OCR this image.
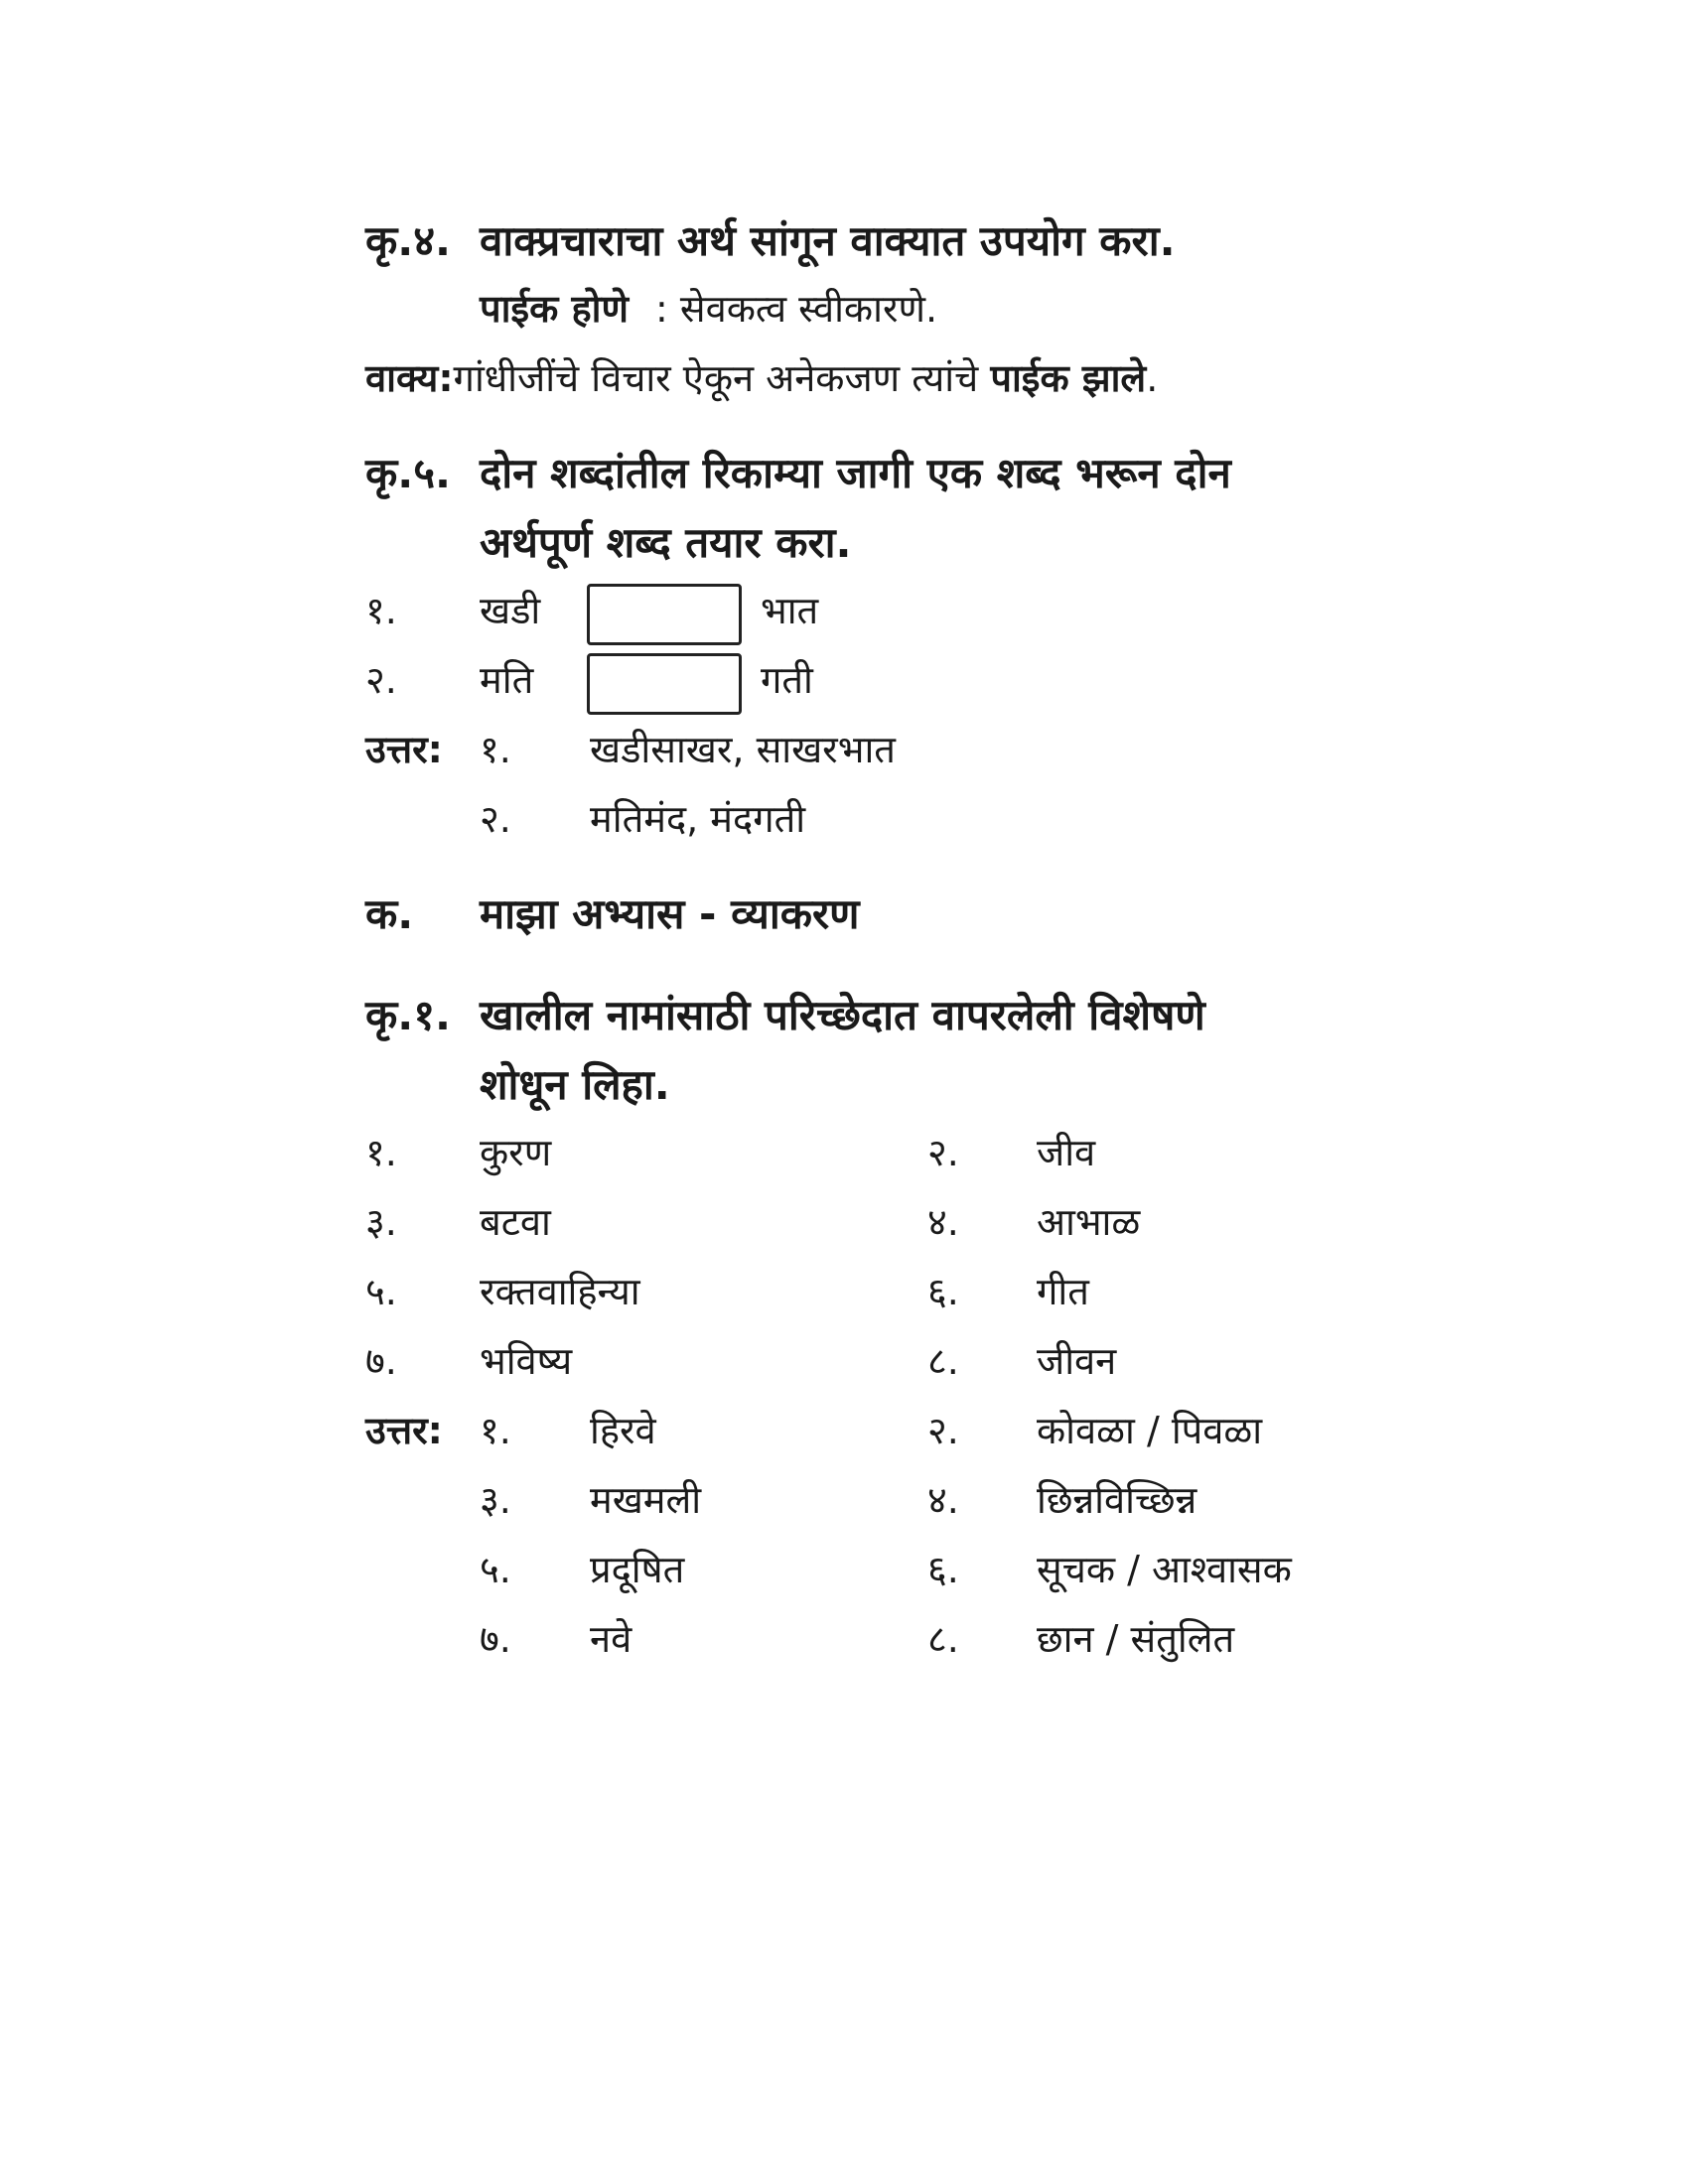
कृ.४. वाक्प्रचाराचा अर्थ सांगून वाक्यात उपयोग करा.
पाईक होणे : सेवकत्व स्वीकारणे.
वाक्य:गांधीजींचे विचार ऐकून अनेकजण त्यांचे पाईक झाले.
कृ.५. दोन शब्दांतील रिकाम्या जागी एक शब्द भरून दोन
अर्थपूर्ण शब्द तयार करा.
१. खडी	भात
२. मति	गती
उत्तर: १. खडीसाखर, साखरभात
२. मतिमंद, मंदगती
क. माझा अभ्यास - व्याकरण
कृ.१. खालील नामांसाठी परिच्छेदात वापरलेली विशेषणे
शोधून लिहा.
१. कुरण	२. जीव
३. बटवा	४. आभाळ
५. रक्तवाहिन्या	६. गीत
७. भविष्य	८. जीवन
उत्तर: १. हिरवे	२. कोवळा / पिवळा
३. मखमली	४. छिन्नविच्छिन्न
५. प्रदूषित	६. सूचक / आश्वासक
७. नवे	८. छान / संतुलित
